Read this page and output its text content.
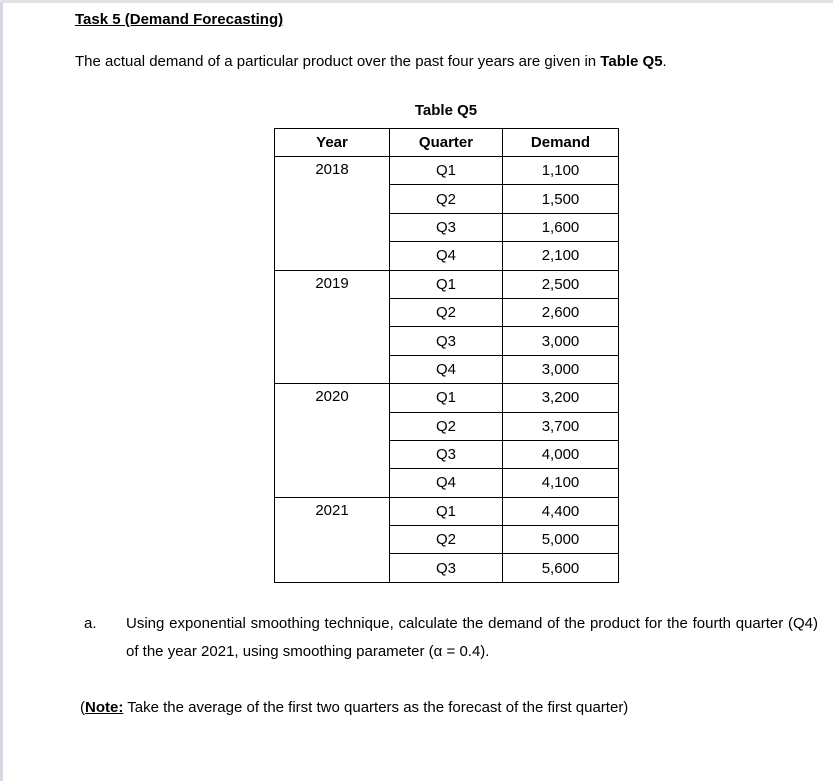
Task 5 (Demand Forecasting)
The actual demand of a particular product over the past four years are given in Table Q5.
Table Q5
Year	Quarter	Demand
2018	Q1	1,100
	Q2	1,500
	Q3	1,600
	Q4	2,100
2019	Q1	2,500
	Q2	2,600
	Q3	3,000
	Q4	3,000
2020	Q1	3,200
	Q2	3,700
	Q3	4,000
	Q4	4,100
2021	Q1	4,400
	Q2	5,000
	Q3	5,600
a. Using exponential smoothing technique, calculate the demand of the product for the fourth quarter (Q4) of the year 2021, using smoothing parameter (α = 0.4).
(Note: Take the average of the first two quarters as the forecast of the first quarter)
